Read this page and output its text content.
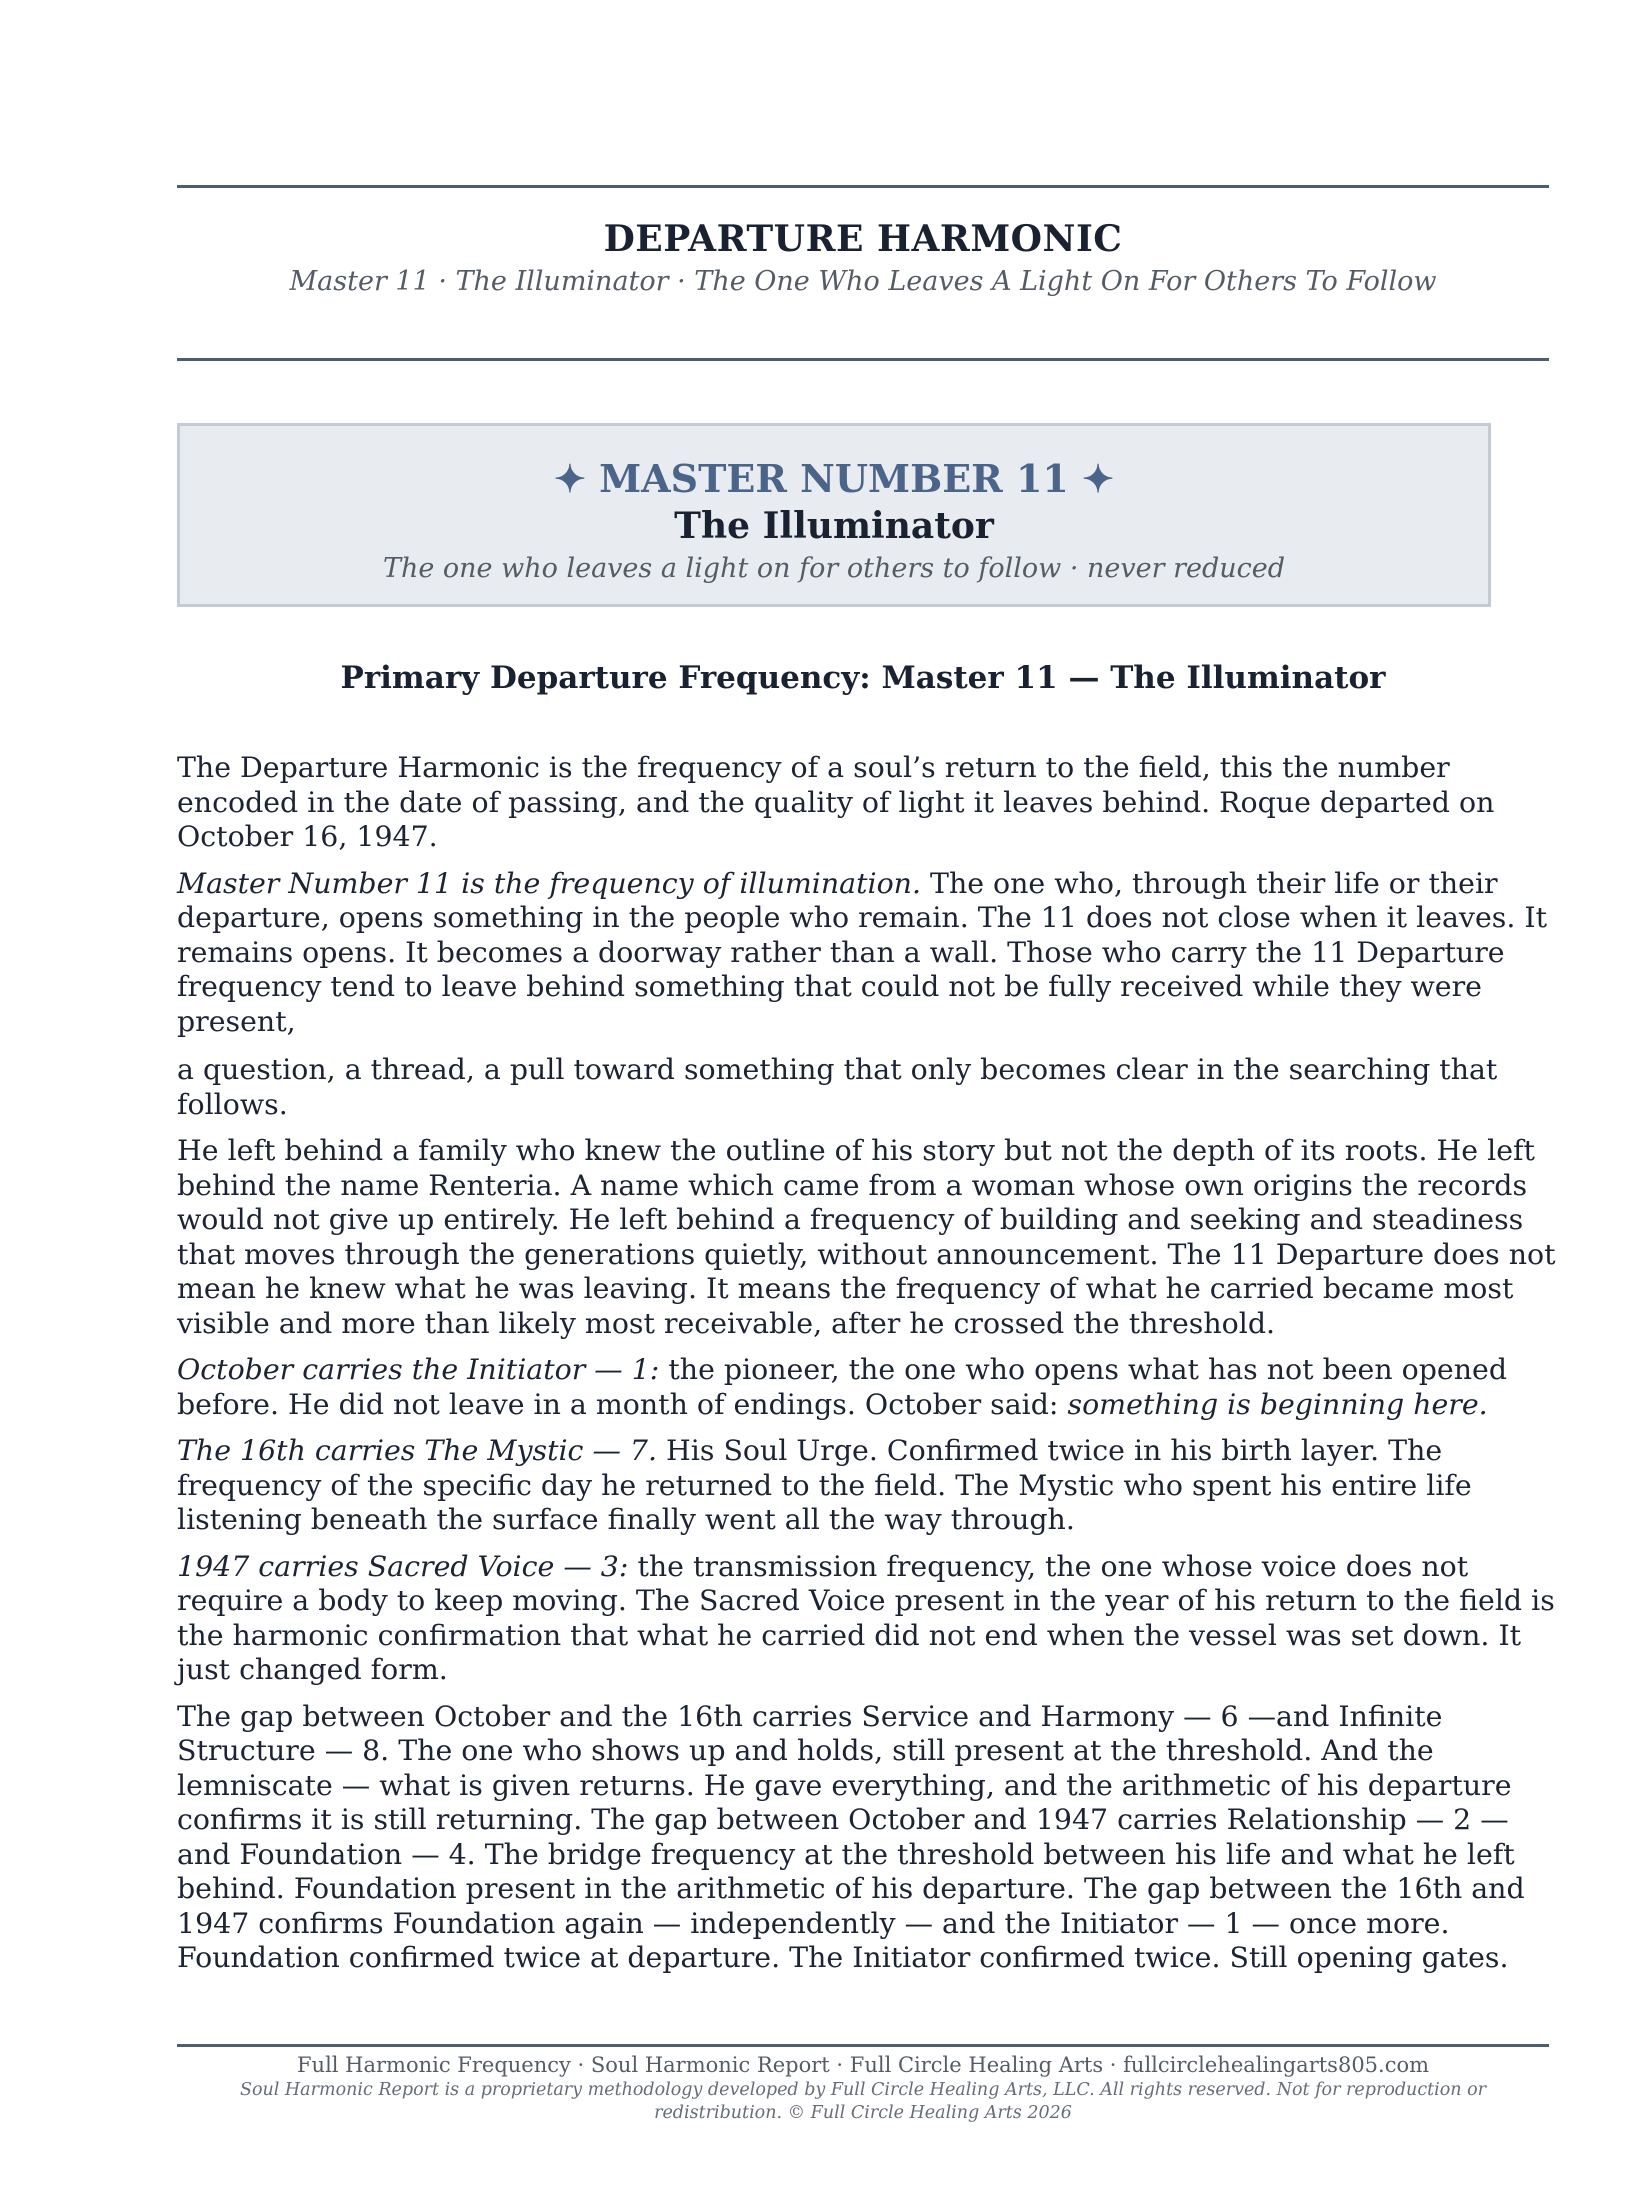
DEPARTURE HARMONIC
Master 11 · The Illuminator · The One Who Leaves A Light On For Others To Follow
✦ MASTER NUMBER 11 ✦
The Illuminator
The one who leaves a light on for others to follow · never reduced
Primary Departure Frequency: Master 11 — The Illuminator

The Departure Harmonic is the frequency of a soul’s return to the field, this the number encoded in the date of passing, and the quality of light it leaves behind. Roque departed on October 16, 1947.

Master Number 11 is the frequency of illumination. The one who, through their life or their departure, opens something in the people who remain. The 11 does not close when it leaves. It remains opens. It becomes a doorway rather than a wall. Those who carry the 11 Departure frequency tend to leave behind something that could not be fully received while they were present,

a question, a thread, a pull toward something that only becomes clear in the searching that follows.

He left behind a family who knew the outline of his story but not the depth of its roots. He left behind the name Renteria. A name which came from a woman whose own origins the records would not give up entirely. He left behind a frequency of building and seeking and steadiness that moves through the generations quietly, without announcement. The 11 Departure does not mean he knew what he was leaving. It means the frequency of what he carried became most visible and more than likely most receivable, after he crossed the threshold.

October carries the Initiator — 1: the pioneer, the one who opens what has not been opened before. He did not leave in a month of endings. October said: something is beginning here.

The 16th carries The Mystic — 7. His Soul Urge. Confirmed twice in his birth layer. The frequency of the specific day he returned to the field. The Mystic who spent his entire life listening beneath the surface finally went all the way through.

1947 carries Sacred Voice — 3: the transmission frequency, the one whose voice does not require a body to keep moving. The Sacred Voice present in the year of his return to the field is the harmonic confirmation that what he carried did not end when the vessel was set down. It just changed form.

The gap between October and the 16th carries Service and Harmony — 6 —and Infinite Structure — 8. The one who shows up and holds, still present at the threshold. And the lemniscate — what is given returns. He gave everything, and the arithmetic of his departure confirms it is still returning. The gap between October and 1947 carries Relationship — 2 — and Foundation — 4. The bridge frequency at the threshold between his life and what he left behind. Foundation present in the arithmetic of his departure. The gap between the 16th and 1947 confirms Foundation again — independently — and the Initiator — 1 — once more. Foundation confirmed twice at departure. The Initiator confirmed twice. Still opening gates.

Full Harmonic Frequency · Soul Harmonic Report · Full Circle Healing Arts · fullcirclehealingarts805.com
Soul Harmonic Report is a proprietary methodology developed by Full Circle Healing Arts, LLC. All rights reserved. Not for reproduction or redistribution. © Full Circle Healing Arts 2026
